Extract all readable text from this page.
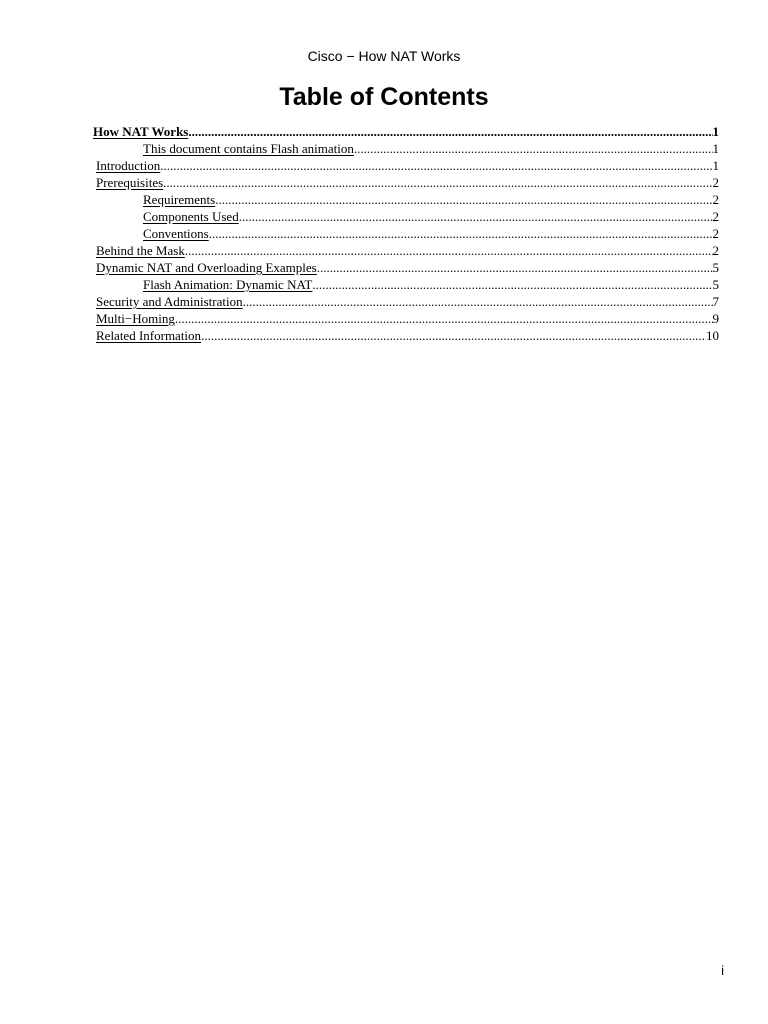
Cisco − How NAT Works
Table of Contents
How NAT Works .....	1
This document contains Flash animation .....	1
Introduction .....	1
Prerequisites .....	2
Requirements .....	2
Components Used .....	2
Conventions .....	2
Behind the Mask .....	2
Dynamic NAT and Overloading Examples .....	5
Flash Animation: Dynamic NAT .....	5
Security and Administration .....	7
Multi−Homing .....	9
Related Information .....	10
i
